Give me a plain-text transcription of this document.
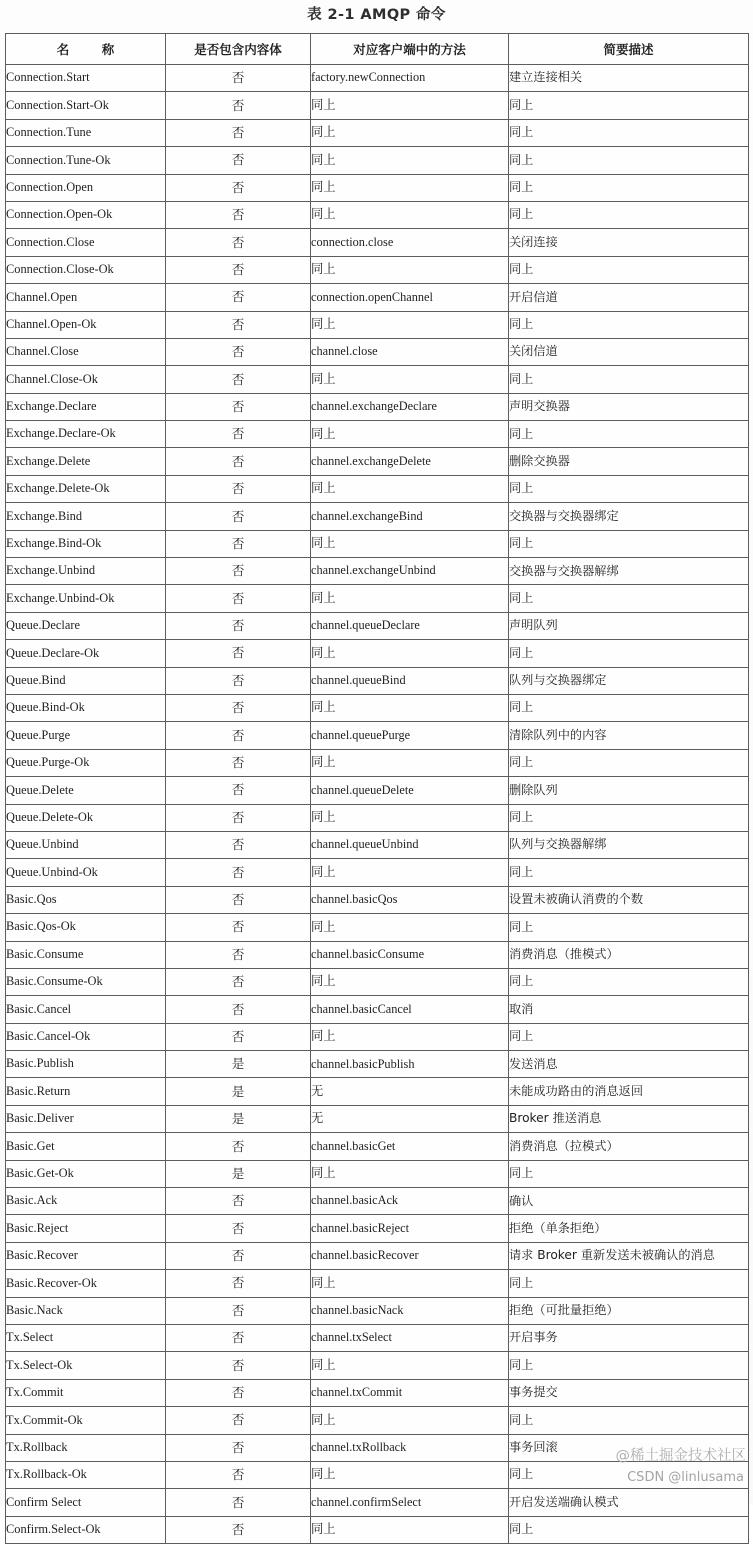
表 2-1 AMQP 命令
名　称	是否包含内容体	对应客户端中的方法	简要描述
Connection.Start	否	factory.newConnection	建立连接相关
Connection.Start-Ok	否	同上	同上
Connection.Tune	否	同上	同上
Connection.Tune-Ok	否	同上	同上
Connection.Open	否	同上	同上
Connection.Open-Ok	否	同上	同上
Connection.Close	否	connection.close	关闭连接
Connection.Close-Ok	否	同上	同上
Channel.Open	否	connection.openChannel	开启信道
Channel.Open-Ok	否	同上	同上
Channel.Close	否	channel.close	关闭信道
Channel.Close-Ok	否	同上	同上
Exchange.Declare	否	channel.exchangeDeclare	声明交换器
Exchange.Declare-Ok	否	同上	同上
Exchange.Delete	否	channel.exchangeDelete	删除交换器
Exchange.Delete-Ok	否	同上	同上
Exchange.Bind	否	channel.exchangeBind	交换器与交换器绑定
Exchange.Bind-Ok	否	同上	同上
Exchange.Unbind	否	channel.exchangeUnbind	交换器与交换器解绑
Exchange.Unbind-Ok	否	同上	同上
Queue.Declare	否	channel.queueDeclare	声明队列
Queue.Declare-Ok	否	同上	同上
Queue.Bind	否	channel.queueBind	队列与交换器绑定
Queue.Bind-Ok	否	同上	同上
Queue.Purge	否	channel.queuePurge	清除队列中的内容
Queue.Purge-Ok	否	同上	同上
Queue.Delete	否	channel.queueDelete	删除队列
Queue.Delete-Ok	否	同上	同上
Queue.Unbind	否	channel.queueUnbind	队列与交换器解绑
Queue.Unbind-Ok	否	同上	同上
Basic.Qos	否	channel.basicQos	设置未被确认消费的个数
Basic.Qos-Ok	否	同上	同上
Basic.Consume	否	channel.basicConsume	消费消息（推模式）
Basic.Consume-Ok	否	同上	同上
Basic.Cancel	否	channel.basicCancel	取消
Basic.Cancel-Ok	否	同上	同上
Basic.Publish	是	channel.basicPublish	发送消息
Basic.Return	是	无	未能成功路由的消息返回
Basic.Deliver	是	无	Broker 推送消息
Basic.Get	否	channel.basicGet	消费消息（拉模式）
Basic.Get-Ok	是	同上	同上
Basic.Ack	否	channel.basicAck	确认
Basic.Reject	否	channel.basicReject	拒绝（单条拒绝）
Basic.Recover	否	channel.basicRecover	请求 Broker 重新发送未被确认的消息
Basic.Recover-Ok	否	同上	同上
Basic.Nack	否	channel.basicNack	拒绝（可批量拒绝）
Tx.Select	否	channel.txSelect	开启事务
Tx.Select-Ok	否	同上	同上
Tx.Commit	否	channel.txCommit	事务提交
Tx.Commit-Ok	否	同上	同上
Tx.Rollback	否	channel.txRollback	事务回滚
Tx.Rollback-Ok	否	同上	同上
Confirm Select	否	channel.confirmSelect	开启发送端确认模式
Confirm.Select-Ok	否	同上	同上
@稀土掘金技术社区
CSDN @linlusama
